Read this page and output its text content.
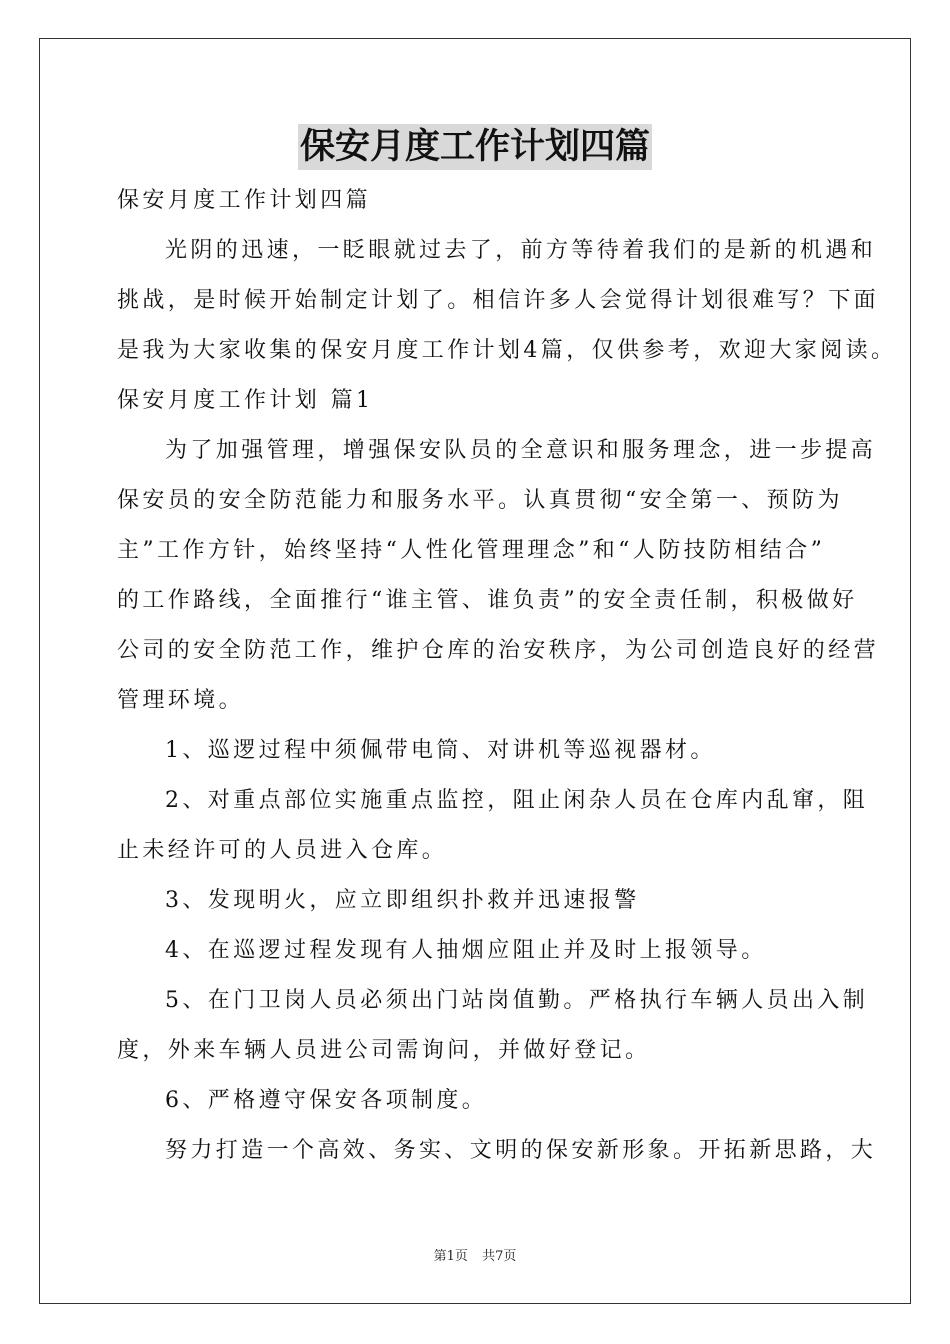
保安月度工作计划四篇
保安月度工作计划四篇
光阴的迅速，一眨眼就过去了，前方等待着我们的是新的机遇和
挑战，是时候开始制定计划了。相信许多人会觉得计划很难写？下面
是我为大家收集的保安月度工作计划4篇，仅供参考，欢迎大家阅读。
保安月度工作计划 篇1
为了加强管理，增强保安队员的全意识和服务理念，进一步提高
保安员的安全防范能力和服务水平。认真贯彻“安全第一、预防为
主”工作方针，始终坚持“人性化管理理念”和“人防技防相结合”
的工作路线，全面推行“谁主管、谁负责”的安全责任制，积极做好
公司的安全防范工作，维护仓库的治安秩序，为公司创造良好的经营
管理环境。
1、巡逻过程中须佩带电筒、对讲机等巡视器材。
2、对重点部位实施重点监控，阻止闲杂人员在仓库内乱窜，阻
止未经许可的人员进入仓库。
3、发现明火，应立即组织扑救并迅速报警
4、在巡逻过程发现有人抽烟应阻止并及时上报领导。
5、在门卫岗人员必须出门站岗值勤。严格执行车辆人员出入制
度，外来车辆人员进公司需询问，并做好登记。
6、严格遵守保安各项制度。
努力打造一个高效、务实、文明的保安新形象。开拓新思路，大
第1页 共7页
